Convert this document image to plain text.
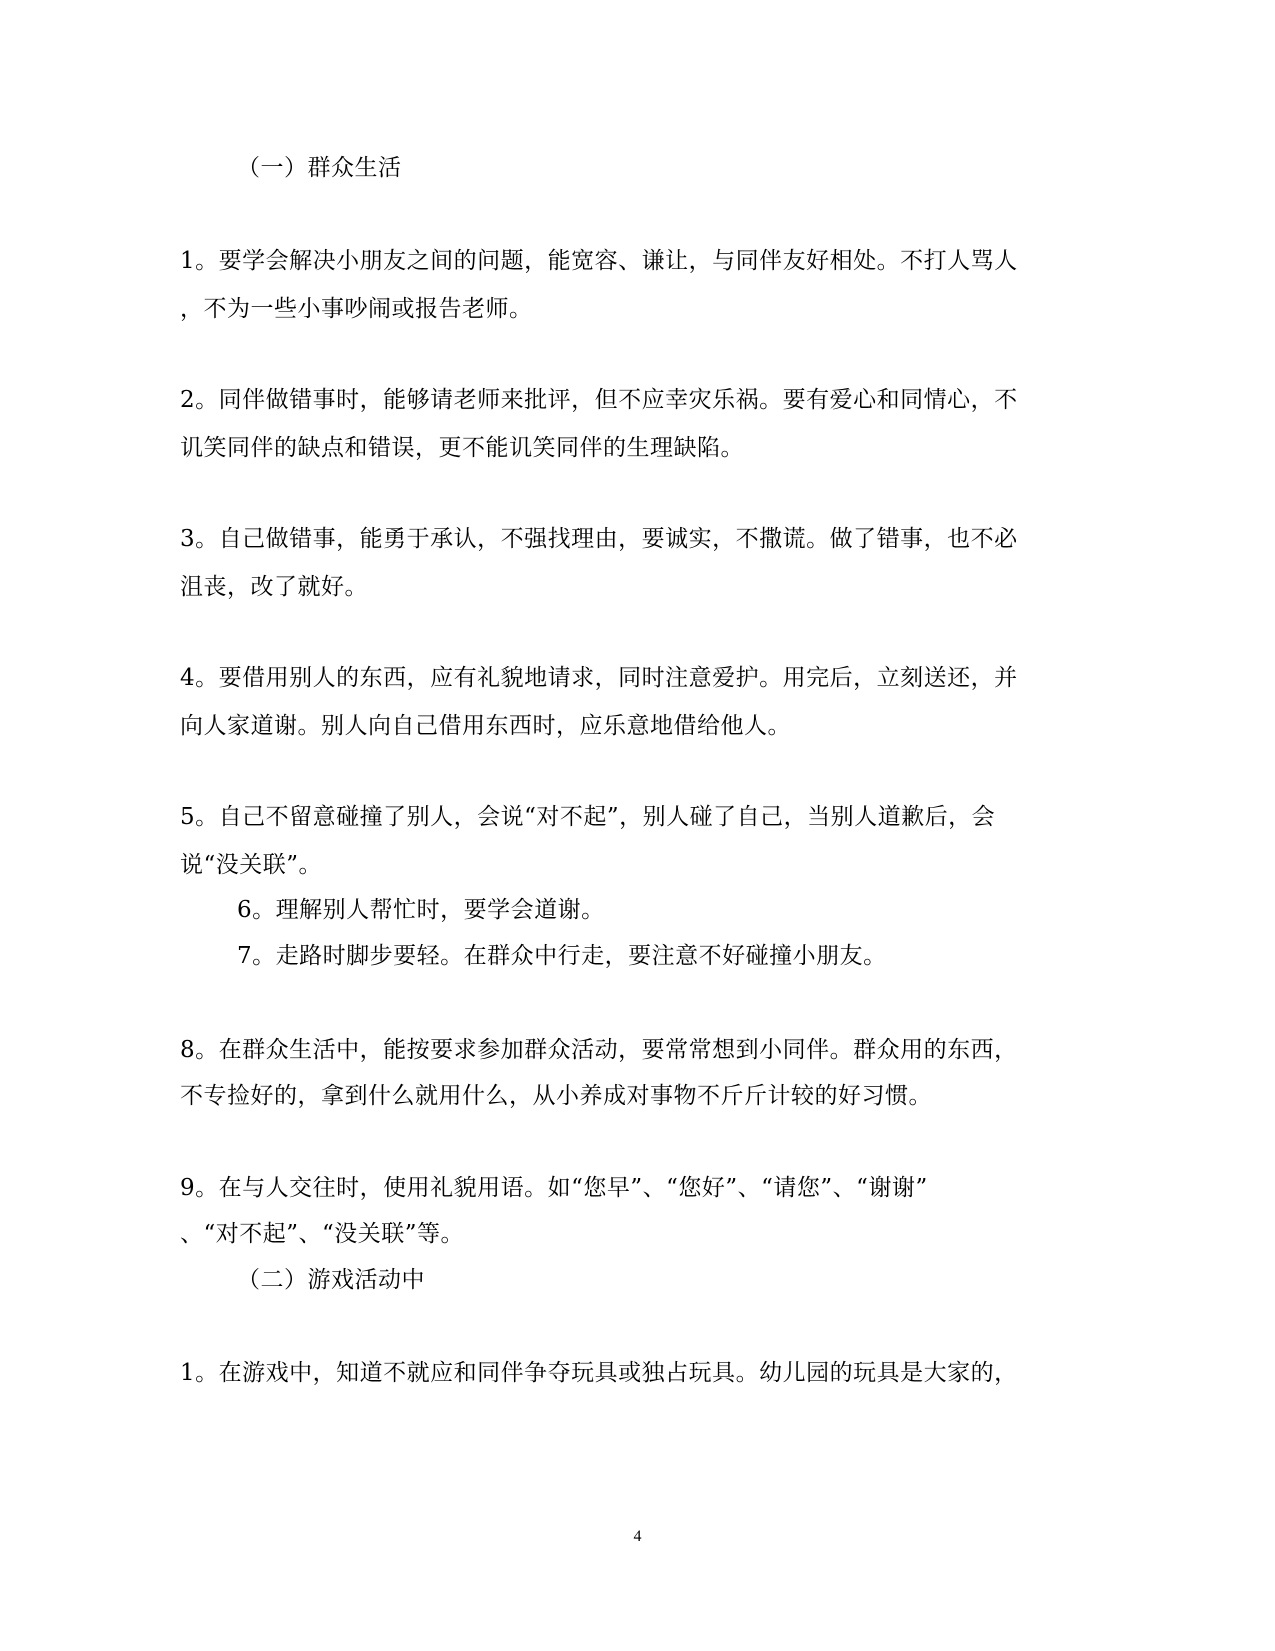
（一）群众生活
1。要学会解决小朋友之间的问题，能宽容、谦让，与同伴友好相处。不打人骂人
，不为一些小事吵闹或报告老师。
2。同伴做错事时，能够请老师来批评，但不应幸灾乐祸。要有爱心和同情心，不
讥笑同伴的缺点和错误，更不能讥笑同伴的生理缺陷。
3。自己做错事，能勇于承认，不强找理由，要诚实，不撒谎。做了错事，也不必
沮丧，改了就好。
4。要借用别人的东西，应有礼貌地请求，同时注意爱护。用完后，立刻送还，并
向人家道谢。别人向自己借用东西时，应乐意地借给他人。
5。自己不留意碰撞了别人，会说“对不起”，别人碰了自己，当别人道歉后，会
说“没关联”。
6。理解别人帮忙时，要学会道谢。
7。走路时脚步要轻。在群众中行走，要注意不好碰撞小朋友。
8。在群众生活中，能按要求参加群众活动，要常常想到小同伴。群众用的东西，
不专捡好的，拿到什么就用什么，从小养成对事物不斤斤计较的好习惯。
9。在与人交往时，使用礼貌用语。如“您早”、“您好”、“请您”、“谢谢”
、“对不起”、“没关联”等。
（二）游戏活动中
1。在游戏中，知道不就应和同伴争夺玩具或独占玩具。幼儿园的玩具是大家的，
4
